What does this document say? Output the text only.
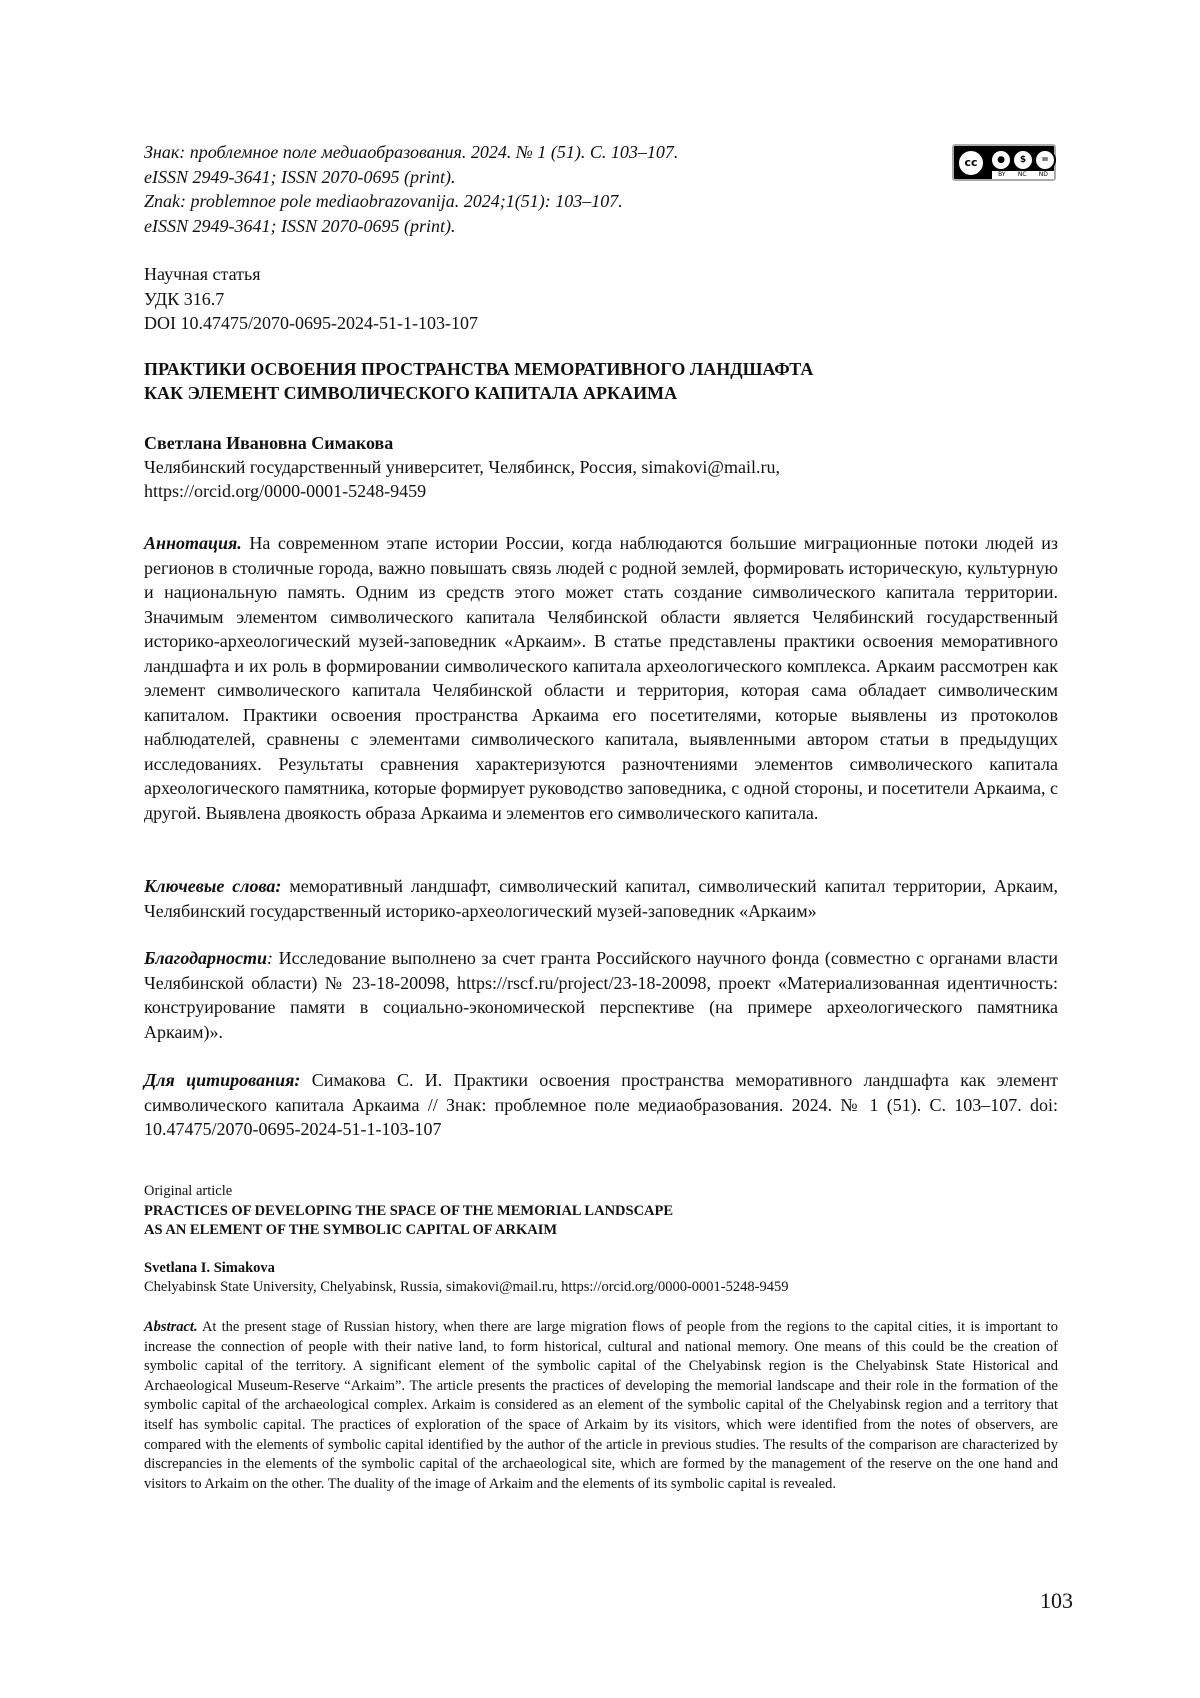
Знак: проблемное поле медиаобразования. 2024. № 1 (51). С. 103–107.
eISSN 2949-3641; ISSN 2070-0695 (print).
Znak: problemnoe pole mediaobrazovanija. 2024;1(51): 103–107.
eISSN 2949-3641; ISSN 2070-0695 (print).
cc	●	$	=
BY NC ND
Научная статья
УДК 316.7
DOI 10.47475/2070-0695-2024-51-1-103-107
ПРАКТИКИ ОСВОЕНИЯ ПРОСТРАНСТВА МЕМОРАТИВНОГО ЛАНДШАФТА
КАК ЭЛЕМЕНТ СИМВОЛИЧЕСКОГО КАПИТАЛА АРКАИМА
Светлана Ивановна Симакова
Челябинский государственный университет, Челябинск, Россия, simakovi@mail.ru,
https://orcid.org/0000-0001-5248-9459
Аннотация. На современном этапе истории России, когда наблюдаются большие миграционные потоки людей из регионов в столичные города, важно повышать связь людей с родной землей, формировать историческую, культурную и национальную память. Одним из средств этого может стать создание символического капитала территории. Значимым элементом символического капитала Челябинской области является Челябинский государственный историко-археологический музей-заповедник «Аркаим». В статье представлены практики освоения меморативного ландшафта и их роль в формировании символического капитала археологического комплекса. Аркаим рассмотрен как элемент символического капитала Челябинской области и территория, которая сама обладает символическим капиталом. Практики освоения пространства Аркаима его посетителями, которые выявлены из протоколов наблюдателей, сравнены с элементами символического капитала, выявленными автором статьи в предыдущих исследованиях. Результаты сравнения характеризуются разночтениями элементов символического капитала археологического памятника, которые формирует руководство заповедника, с одной стороны, и посетители Аркаима, с другой. Выявлена двоякость образа Аркаима и элементов его символического капитала.
Ключевые слова: меморативный ландшафт, символический капитал, символический капитал территории, Аркаим, Челябинский государственный историко-археологический музей-заповедник «Аркаим»
Благодарности: Исследование выполнено за счет гранта Российского научного фонда (совместно с органами власти Челябинской области) № 23-18-20098, https://rscf.ru/project/23-18-20098, проект «Материализованная идентичность: конструирование памяти в социально-экономической перспективе (на примере археологического памятника Аркаим)».
Для цитирования: Симакова С. И. Практики освоения пространства меморативного ландшафта как элемент символического капитала Аркаима // Знак: проблемное поле медиаобразования. 2024. № 1 (51). С. 103–107. doi: 10.47475/2070-0695-2024-51-1-103-107
Original article
PRACTICES OF DEVELOPING THE SPACE OF THE MEMORIAL LANDSCAPE
AS AN ELEMENT OF THE SYMBOLIC CAPITAL OF ARKAIM
Svetlana I. Simakova
Chelyabinsk State University, Chelyabinsk, Russia, simakovi@mail.ru, https://orcid.org/0000-0001-5248-9459
Abstract. At the present stage of Russian history, when there are large migration flows of people from the regions to the capital cities, it is important to increase the connection of people with their native land, to form historical, cultural and national memory. One means of this could be the creation of symbolic capital of the territory. A significant element of the symbolic capital of the Chelyabinsk region is the Chelyabinsk State Historical and Archaeological Museum-Reserve “Arkaim”. The article presents the practices of developing the memorial landscape and their role in the formation of the symbolic capital of the archaeological complex. Arkaim is considered as an element of the symbolic capital of the Chelyabinsk region and a territory that itself has symbolic capital. The practices of exploration of the space of Arkaim by its visitors, which were identified from the notes of observers, are compared with the elements of symbolic capital identified by the author of the article in previous studies. The results of the comparison are characterized by discrepancies in the elements of the symbolic capital of the archaeological site, which are formed by the management of the reserve on the one hand and visitors to Arkaim on the other. The duality of the image of Arkaim and the elements of its symbolic capital is revealed.
103
